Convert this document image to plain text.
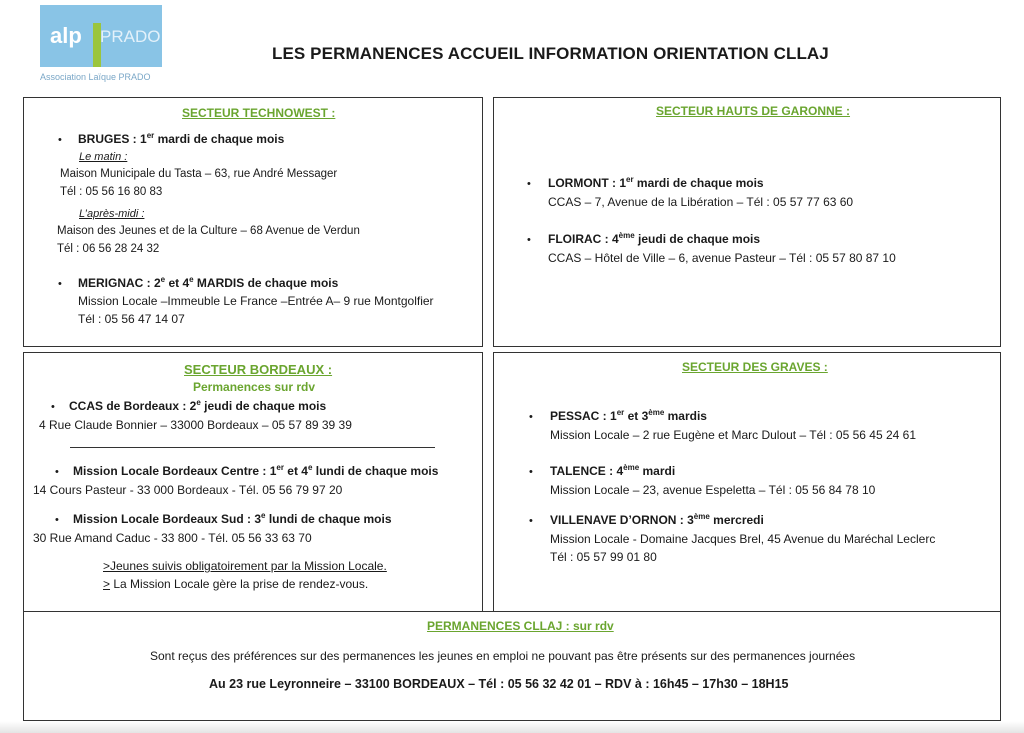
alp PRADO
Association Laïque PRADO
LES PERMANENCES ACCUEIL INFORMATION ORIENTATION CLLAJ
SECTEUR TECHNOWEST :
• BRUGES : 1er mardi de chaque mois
Le matin :
Maison Municipale du Tasta – 63, rue André Messager
Tél : 05 56 16 80 83
L’après-midi :
Maison des Jeunes et de la Culture – 68 Avenue de Verdun
Tél : 06 56 28 24 32
• MERIGNAC : 2e et 4e MARDIS de chaque mois
Mission Locale –Immeuble Le France –Entrée A– 9 rue Montgolfier
Tél : 05 56 47 14 07
SECTEUR HAUTS DE GARONNE :
• LORMONT : 1er mardi de chaque mois
CCAS – 7, Avenue de la Libération – Tél : 05 57 77 63 60
• FLOIRAC : 4ème jeudi de chaque mois
CCAS – Hôtel de Ville – 6, avenue Pasteur – Tél : 05 57 80 87 10
SECTEUR BORDEAUX :
Permanences sur rdv
• CCAS de Bordeaux : 2e jeudi de chaque mois
4 Rue Claude Bonnier – 33000 Bordeaux – 05 57 89 39 39
• Mission Locale Bordeaux Centre : 1er et 4e lundi de chaque mois
14 Cours Pasteur - 33 000 Bordeaux - Tél. 05 56 79 97 20
• Mission Locale Bordeaux Sud : 3e lundi de chaque mois
30 Rue Amand Caduc - 33 800 - Tél. 05 56 33 63 70
>Jeunes suivis obligatoirement par la Mission Locale.
> La Mission Locale gère la prise de rendez-vous.
SECTEUR DES GRAVES :
• PESSAC : 1er et 3ème mardis
Mission Locale – 2 rue Eugène et Marc Dulout – Tél : 05 56 45 24 61
• TALENCE : 4ème mardi
Mission Locale – 23, avenue Espeletta – Tél : 05 56 84 78 10
• VILLENAVE D’ORNON : 3ème mercredi
Mission Locale - Domaine Jacques Brel, 45 Avenue du Maréchal Leclerc
Tél : 05 57 99 01 80
PERMANENCES CLLAJ : sur rdv
Sont reçus des préférences sur des permanences les jeunes en emploi ne pouvant pas être présents sur des permanences journées
Au 23 rue Leyronneire – 33100 BORDEAUX – Tél : 05 56 32 42 01 – RDV à : 16h45 – 17h30 – 18H15
